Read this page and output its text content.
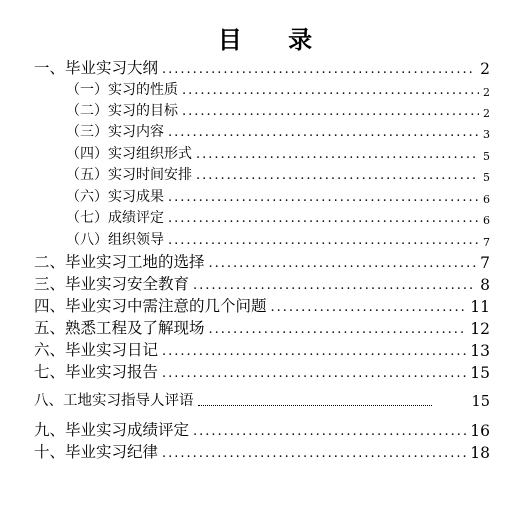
目 录
一、毕业实习大纲 .....	2
（一）实习的性质 .....	2
（二）实习的目标 .....	2
（三）实习内容 .....	3
（四）实习组织形式 .....	5
（五）实习时间安排 .....	5
（六）实习成果 .....	6
（七）成绩评定 .....	6
（八）组织领导 .....	7
二、毕业实习工地的选择 .....	7
三、毕业实习安全教育 .....	8
四、毕业实习中需注意的几个问题 .....	11
五、熟悉工程及了解现场 .....	12
六、毕业实习日记 .....	13
七、毕业实习报告 .....	15
八、工地实习指导人评语	15
九、毕业实习成绩评定 .....	16
十、毕业实习纪律 .....	18
